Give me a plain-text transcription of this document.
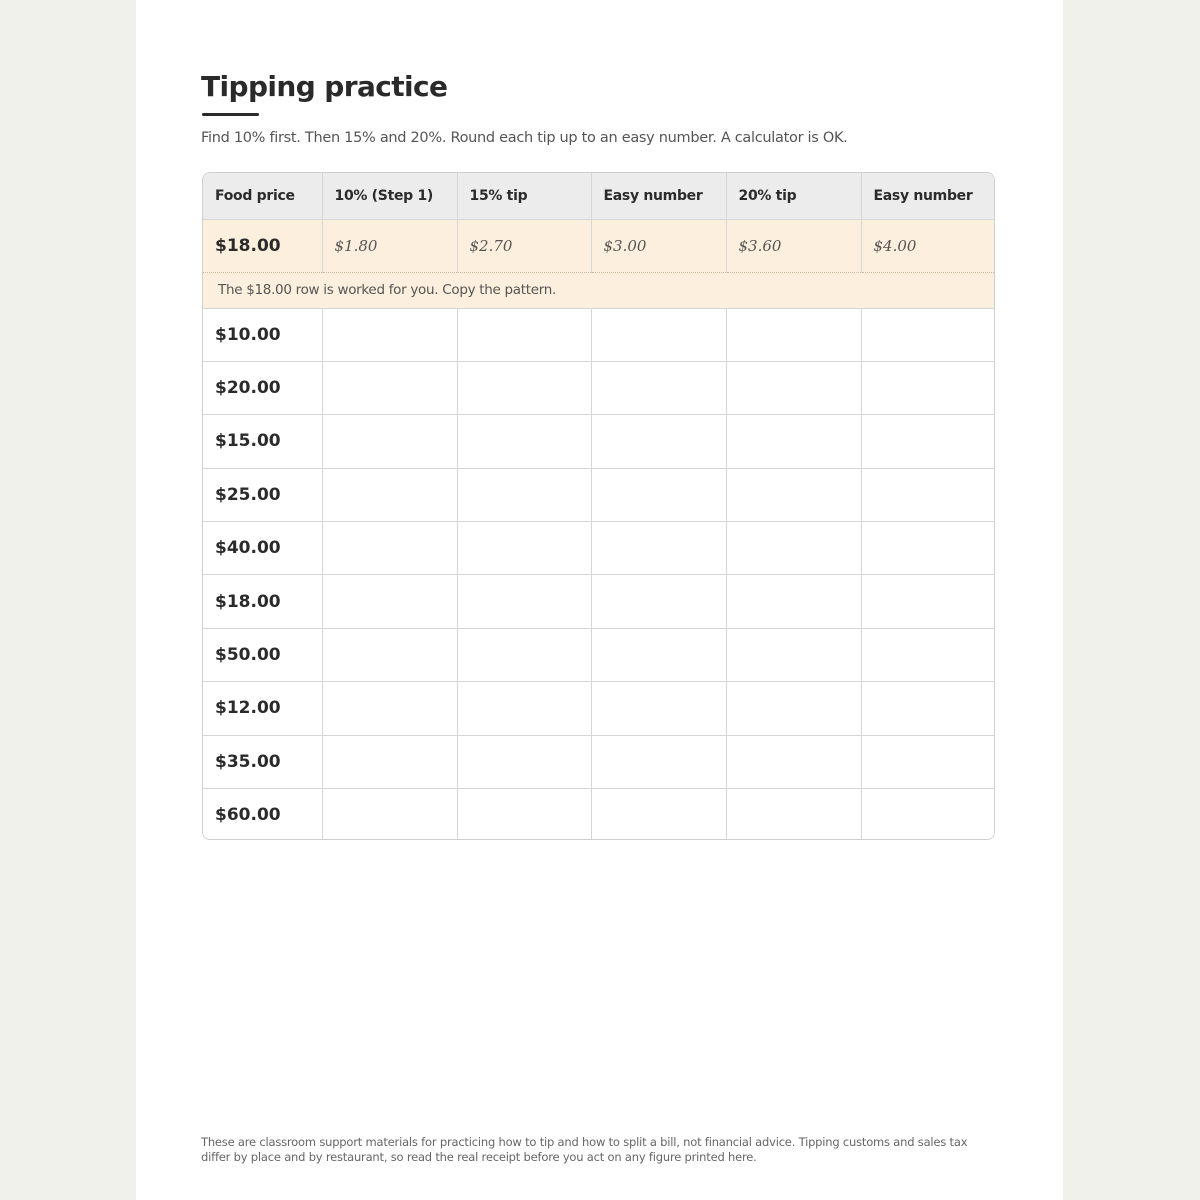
Tipping practice
Find 10% first. Then 15% and 20%. Round each tip up to an easy number. A calculator is OK.
Food price	10% (Step 1)	15% tip	Easy number	20% tip	Easy number
$18.00	$1.80	$2.70	$3.00	$3.60	$4.00
The $18.00 row is worked for you. Copy the pattern.					
$10.00					
$20.00					
$15.00					
$25.00					
$40.00					
$18.00					
$50.00					
$12.00					
$35.00					
$60.00					
These are classroom support materials for practicing how to tip and how to split a bill, not financial advice. Tipping customs and sales tax differ by place and by restaurant, so read the real receipt before you act on any figure printed here.
